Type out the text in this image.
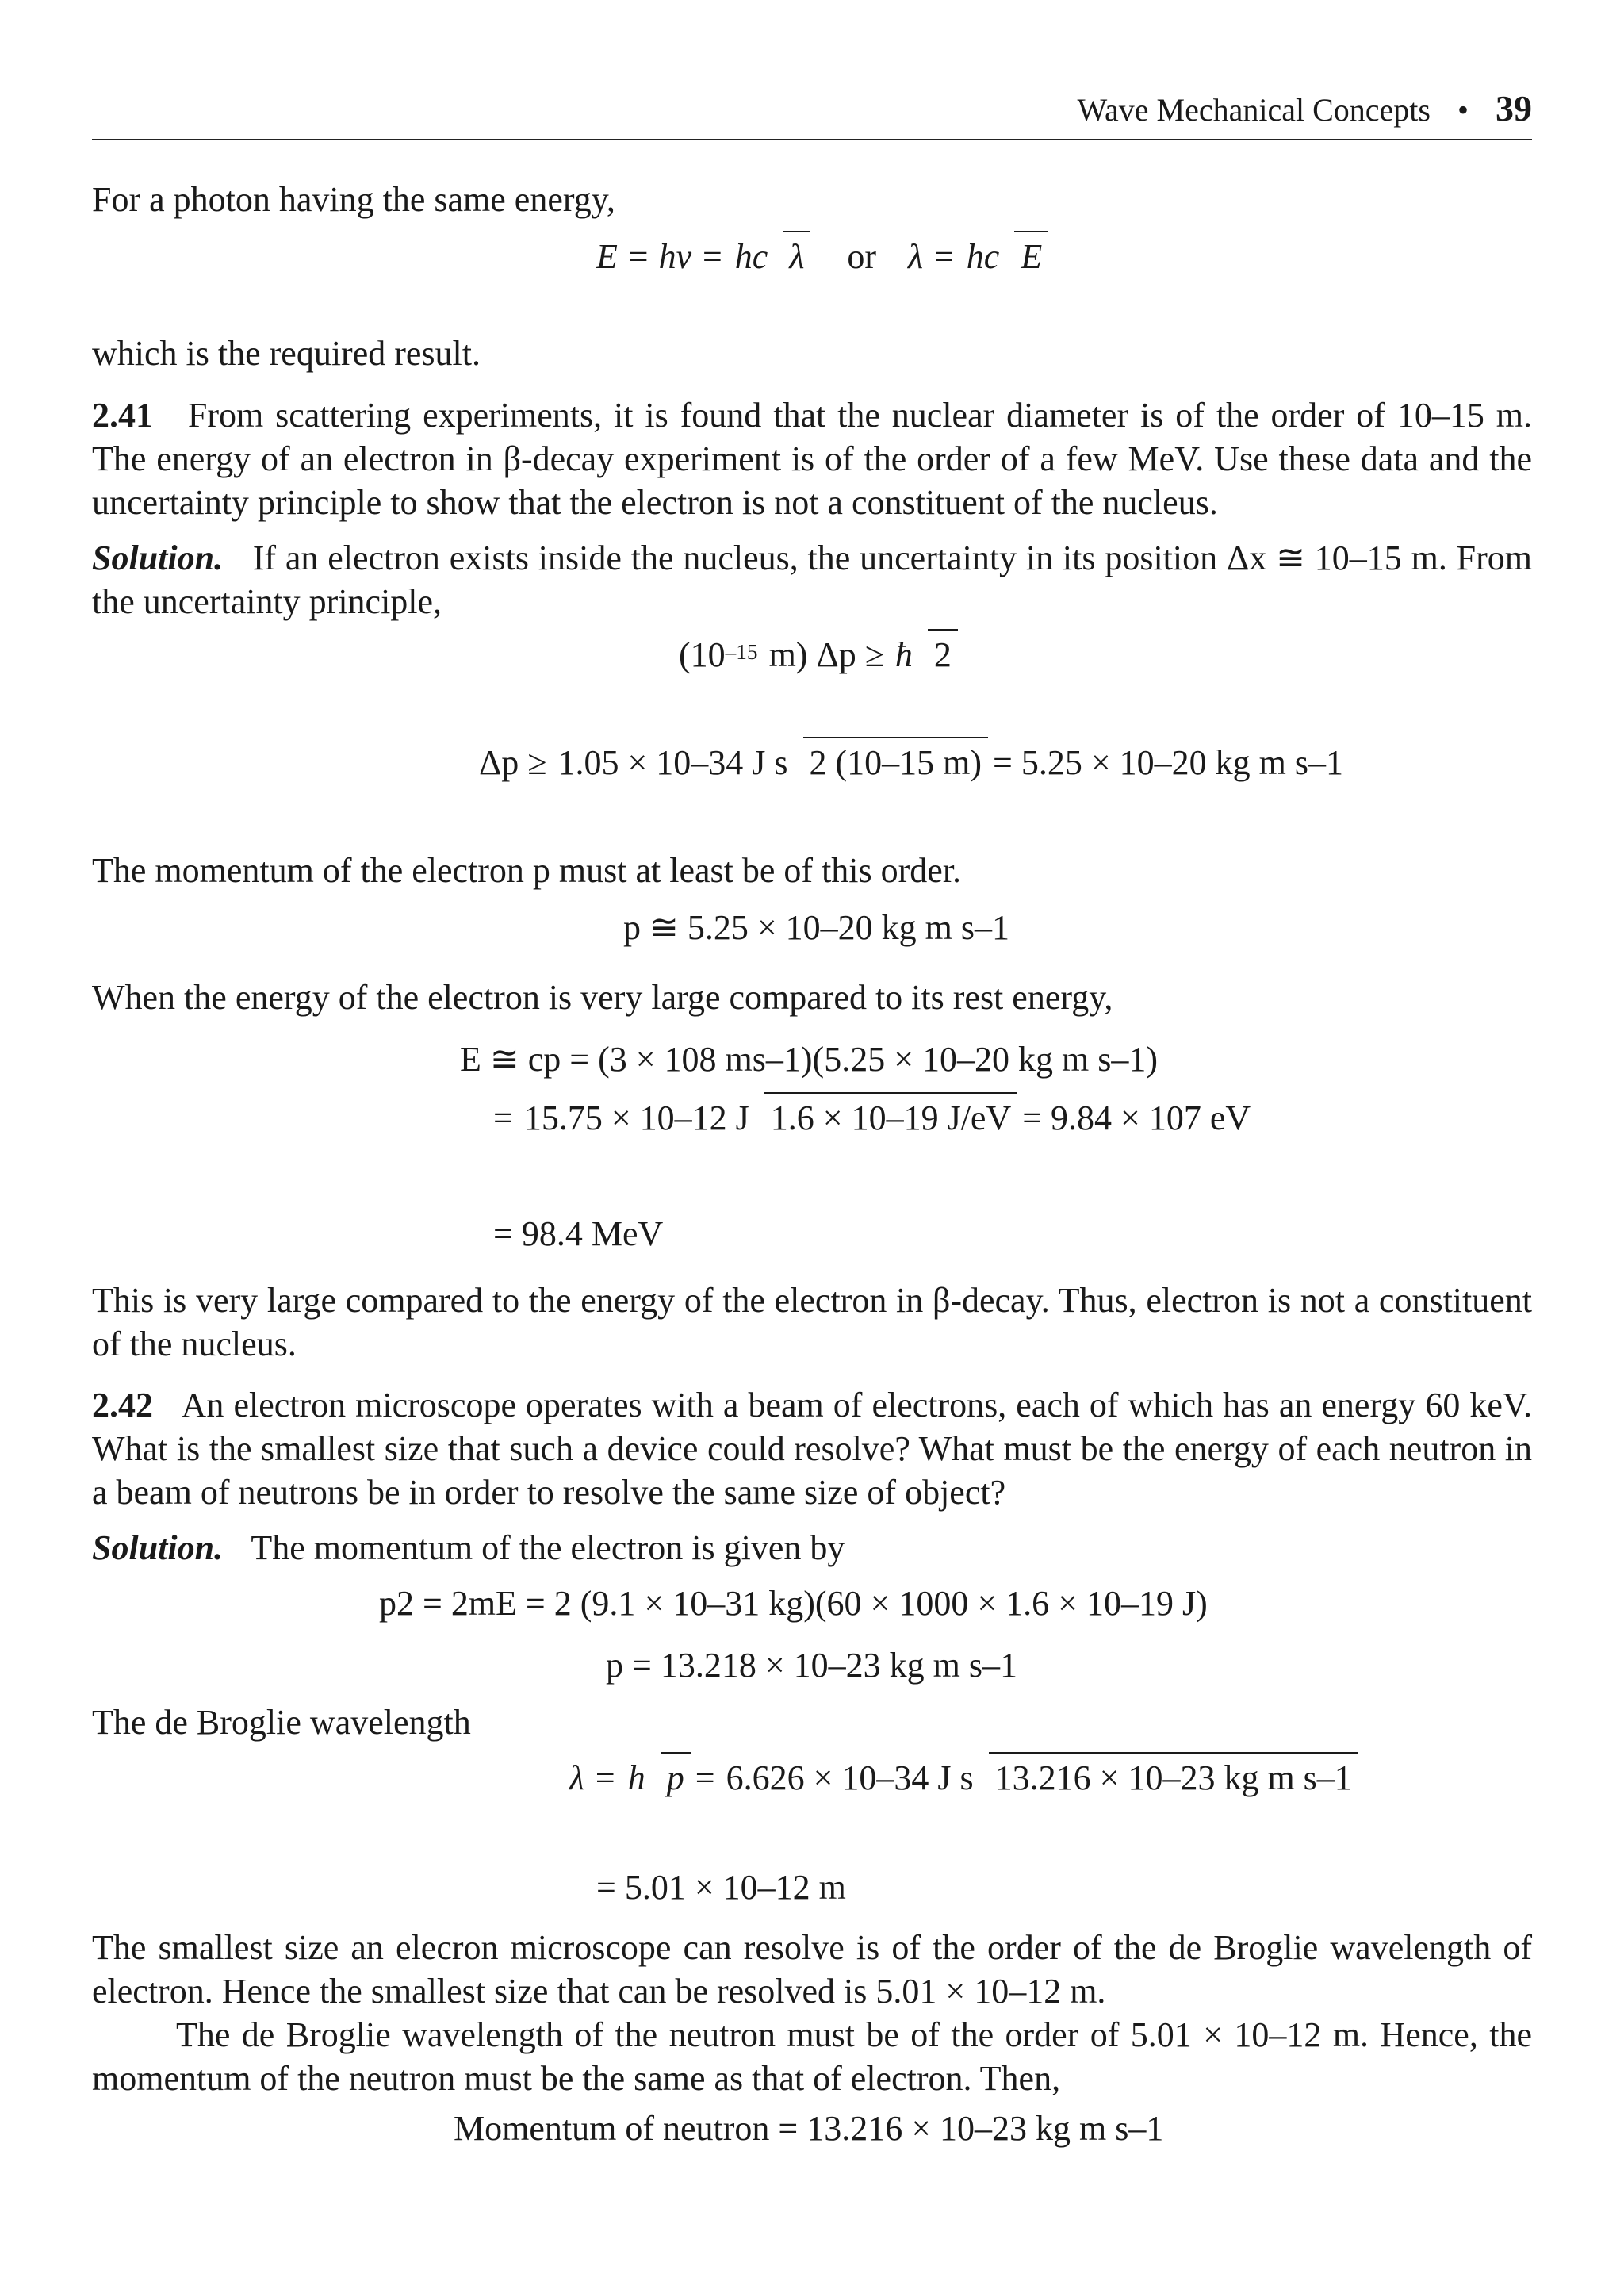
Wave Mechanical Concepts • 39
For a photon having the same energy,
E = hν = hc λ or λ = hc E
which is the required result.
2.41 From scattering experiments, it is found that the nuclear diameter is of the order of 10–15 m. The energy of an electron in β-decay experiment is of the order of a few MeV. Use these data and the uncertainty principle to show that the electron is not a constituent of the nucleus.
Solution. If an electron exists inside the nucleus, the uncertainty in its position Δx ≅ 10–15 m. From the uncertainty principle,
($10^{-15}$ m) Δp ≥ ħ 2
Δp ≥ 1.05 × 10–34 J s 2 (10–15 m) = 5.25 × 10–20 kg m s–1
The momentum of the electron p must at least be of this order.
p ≅ 5.25 × 10–20 kg m s–1
When the energy of the electron is very large compared to its rest energy,
E ≅ cp = (3 × 108 ms–1)(5.25 × 10–20 kg m s–1)
= 15.75 × 10–12 J 1.6 × 10–19 J/eV = 9.84 × 107 eV
= 98.4 MeV
This is very large compared to the energy of the electron in β-decay. Thus, electron is not a constituent of the nucleus.
2.42 An electron microscope operates with a beam of electrons, each of which has an energy 60 keV. What is the smallest size that such a device could resolve? What must be the energy of each neutron in a beam of neutrons be in order to resolve the same size of object?
Solution. The momentum of the electron is given by
p2 = 2mE = 2 (9.1 × 10–31 kg)(60 × 1000 × 1.6 × 10–19 J)
p = 13.218 × 10–23 kg m s–1
The de Broglie wavelength
λ = h p = 6.626 × 10–34 J s 13.216 × 10–23 kg m s–1
= 5.01 × 10–12 m
The smallest size an elecron microscope can resolve is of the order of the de Broglie wavelength of electron. Hence the smallest size that can be resolved is 5.01 × 10–12 m.
The de Broglie wavelength of the neutron must be of the order of 5.01 × 10–12 m. Hence, the momentum of the neutron must be the same as that of electron. Then,
Momentum of neutron = 13.216 × 10–23 kg m s–1
